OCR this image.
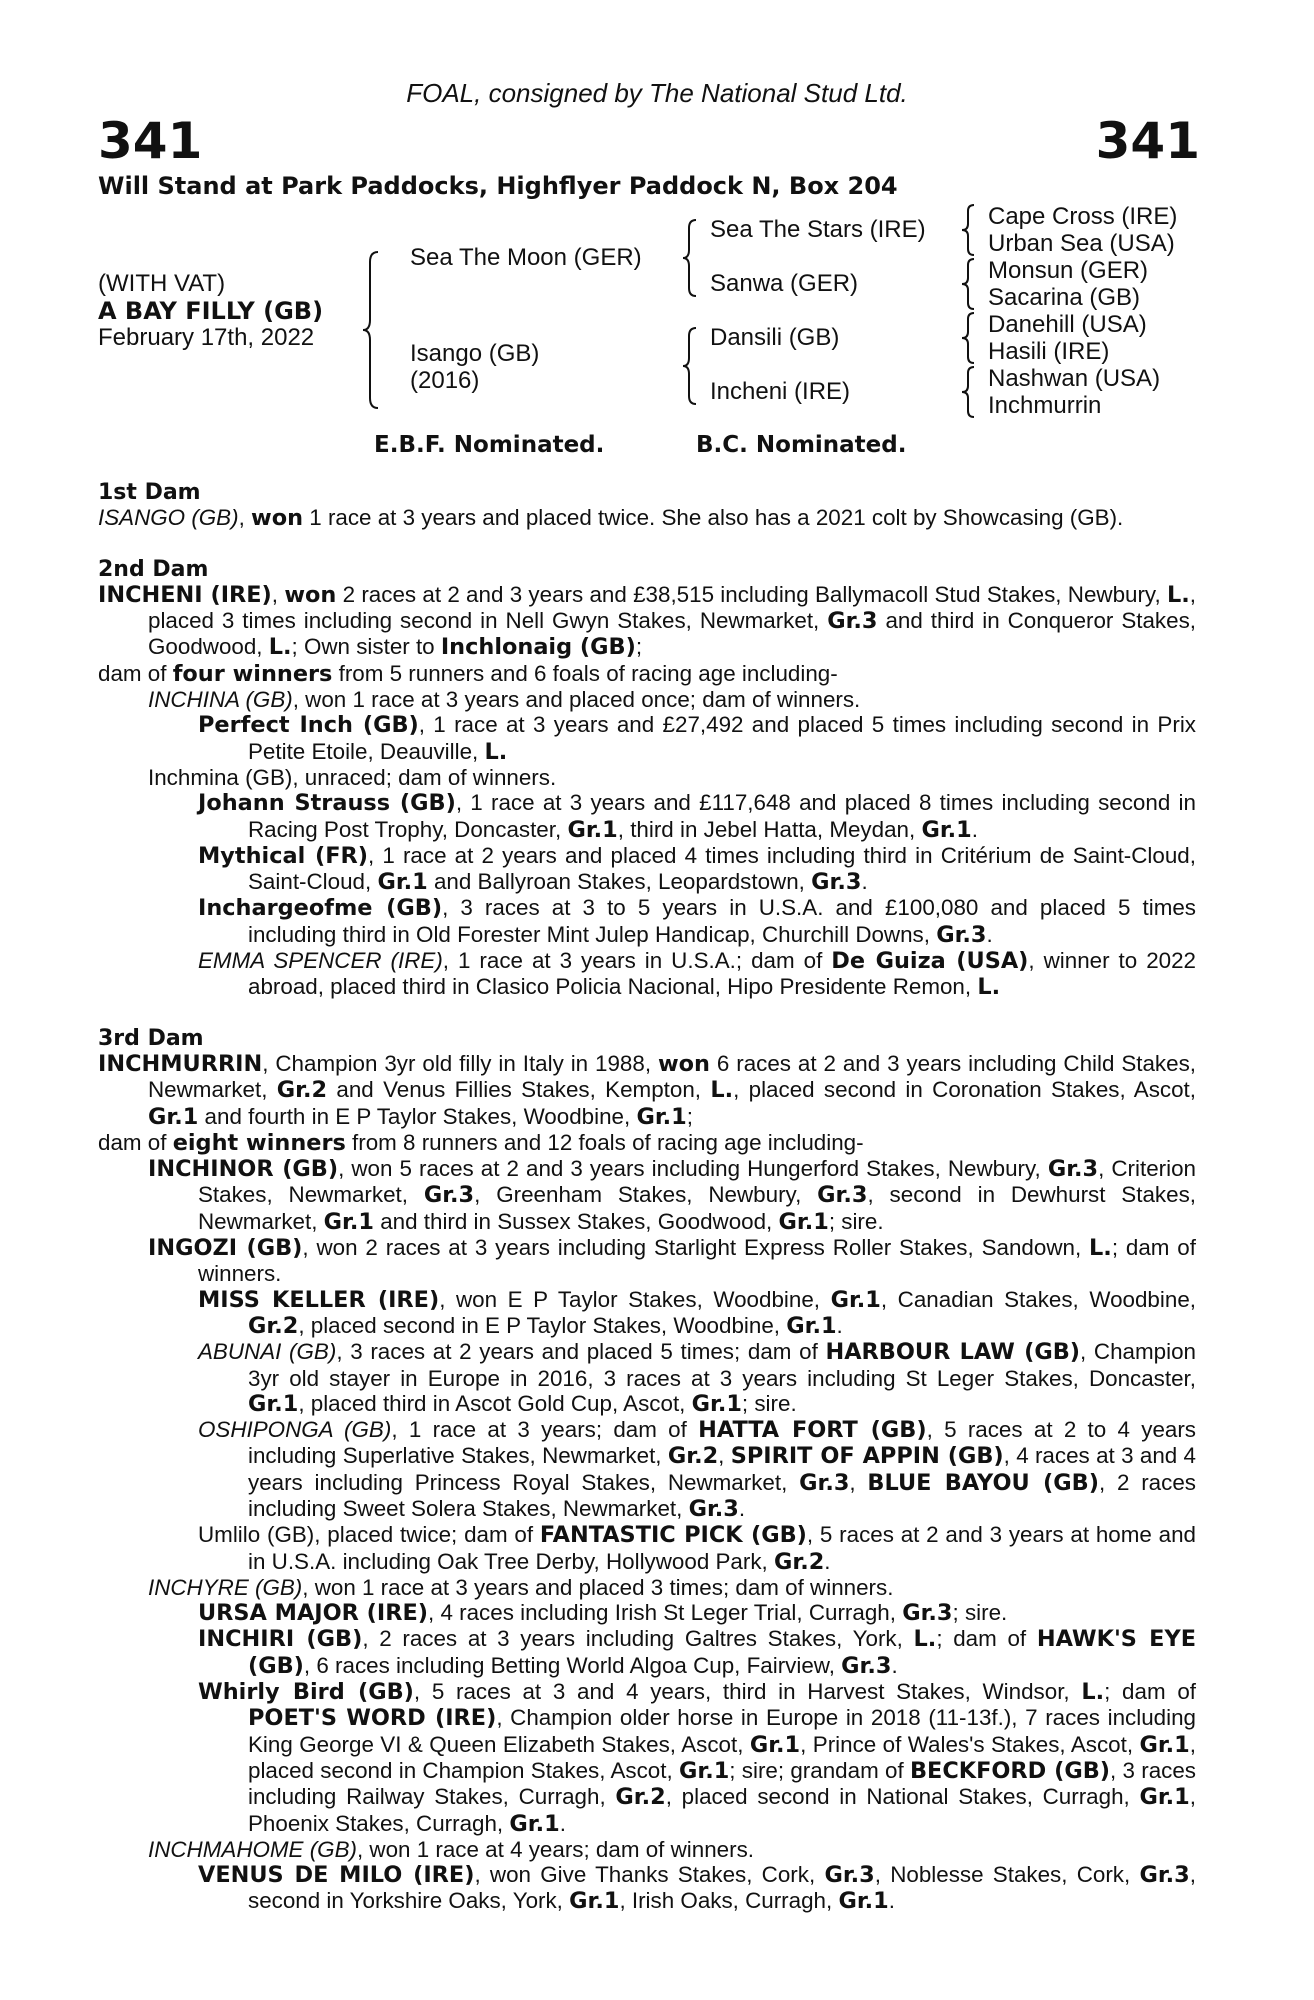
FOAL, consigned by The National Stud Ltd.
341	341
Will Stand at Park Paddocks, Highflyer Paddock N, Box 204
(WITH VAT)
A BAY FILLY (GB)
February 17th, 2022
Sea The Moon (GER)
Isango (GB)
(2016)
Sea The Stars (IRE)
Sanwa (GER)
Dansili (GB)
Incheni (IRE)
Cape Cross (IRE)
Urban Sea (USA)
Monsun (GER)
Sacarina (GB)
Danehill (USA)
Hasili (IRE)
Nashwan (USA)
Inchmurrin
E.B.F. Nominated.	B.C. Nominated.
1st Dam

ISANGO (GB), won 1 race at 3 years and placed twice. She also has a 2021 colt by Showcasing (GB).

2nd Dam

INCHENI (IRE), won 2 races at 2 and 3 years and £38,515 including Ballymacoll Stud Stakes, Newbury, L., placed 3 times including second in Nell Gwyn Stakes, Newmarket, Gr.3 and third in Conqueror Stakes, Goodwood, L.; Own sister to Inchlonaig (GB);

dam of four winners from 5 runners and 6 foals of racing age including-

INCHINA (GB), won 1 race at 3 years and placed once; dam of winners.

Perfect Inch (GB), 1 race at 3 years and £27,492 and placed 5 times including second in Prix Petite Etoile, Deauville, L.

Inchmina (GB), unraced; dam of winners.

Johann Strauss (GB), 1 race at 3 years and £117,648 and placed 8 times including second in Racing Post Trophy, Doncaster, Gr.1, third in Jebel Hatta, Meydan, Gr.1.

Mythical (FR), 1 race at 2 years and placed 4 times including third in Critérium de Saint-Cloud, Saint-Cloud, Gr.1 and Ballyroan Stakes, Leopardstown, Gr.3.

Inchargeofme (GB), 3 races at 3 to 5 years in U.S.A. and £100,080 and placed 5 times including third in Old Forester Mint Julep Handicap, Churchill Downs, Gr.3.

EMMA SPENCER (IRE), 1 race at 3 years in U.S.A.; dam of De Guiza (USA), winner to 2022 abroad, placed third in Clasico Policia Nacional, Hipo Presidente Remon, L.

3rd Dam

INCHMURRIN, Champion 3yr old filly in Italy in 1988, won 6 races at 2 and 3 years including Child Stakes, Newmarket, Gr.2 and Venus Fillies Stakes, Kempton, L., placed second in Coronation Stakes, Ascot, Gr.1 and fourth in E P Taylor Stakes, Woodbine, Gr.1;

dam of eight winners from 8 runners and 12 foals of racing age including-

INCHINOR (GB), won 5 races at 2 and 3 years including Hungerford Stakes, Newbury, Gr.3, Criterion Stakes, Newmarket, Gr.3, Greenham Stakes, Newbury, Gr.3, second in Dewhurst Stakes, Newmarket, Gr.1 and third in Sussex Stakes, Goodwood, Gr.1; sire.

INGOZI (GB), won 2 races at 3 years including Starlight Express Roller Stakes, Sandown, L.; dam of winners.

MISS KELLER (IRE), won E P Taylor Stakes, Woodbine, Gr.1, Canadian Stakes, Woodbine, Gr.2, placed second in E P Taylor Stakes, Woodbine, Gr.1.

ABUNAI (GB), 3 races at 2 years and placed 5 times; dam of HARBOUR LAW (GB), Champion 3yr old stayer in Europe in 2016, 3 races at 3 years including St Leger Stakes, Doncaster, Gr.1, placed third in Ascot Gold Cup, Ascot, Gr.1; sire.

OSHIPONGA (GB), 1 race at 3 years; dam of HATTA FORT (GB), 5 races at 2 to 4 years including Superlative Stakes, Newmarket, Gr.2, SPIRIT OF APPIN (GB), 4 races at 3 and 4 years including Princess Royal Stakes, Newmarket, Gr.3, BLUE BAYOU (GB), 2 races including Sweet Solera Stakes, Newmarket, Gr.3.

Umlilo (GB), placed twice; dam of FANTASTIC PICK (GB), 5 races at 2 and 3 years at home and in U.S.A. including Oak Tree Derby, Hollywood Park, Gr.2.

INCHYRE (GB), won 1 race at 3 years and placed 3 times; dam of winners.

URSA MAJOR (IRE), 4 races including Irish St Leger Trial, Curragh, Gr.3; sire.

INCHIRI (GB), 2 races at 3 years including Galtres Stakes, York, L.; dam of HAWK'S EYE (GB), 6 races including Betting World Algoa Cup, Fairview, Gr.3.

Whirly Bird (GB), 5 races at 3 and 4 years, third in Harvest Stakes, Windsor, L.; dam of POET'S WORD (IRE), Champion older horse in Europe in 2018 (11-13f.), 7 races including King George VI & Queen Elizabeth Stakes, Ascot, Gr.1, Prince of Wales's Stakes, Ascot, Gr.1, placed second in Champion Stakes, Ascot, Gr.1; sire; grandam of BECKFORD (GB), 3 races including Railway Stakes, Curragh, Gr.2, placed second in National Stakes, Curragh, Gr.1, Phoenix Stakes, Curragh, Gr.1.

INCHMAHOME (GB), won 1 race at 4 years; dam of winners.

VENUS DE MILO (IRE), won Give Thanks Stakes, Cork, Gr.3, Noblesse Stakes, Cork, Gr.3, second in Yorkshire Oaks, York, Gr.1, Irish Oaks, Curragh, Gr.1.
